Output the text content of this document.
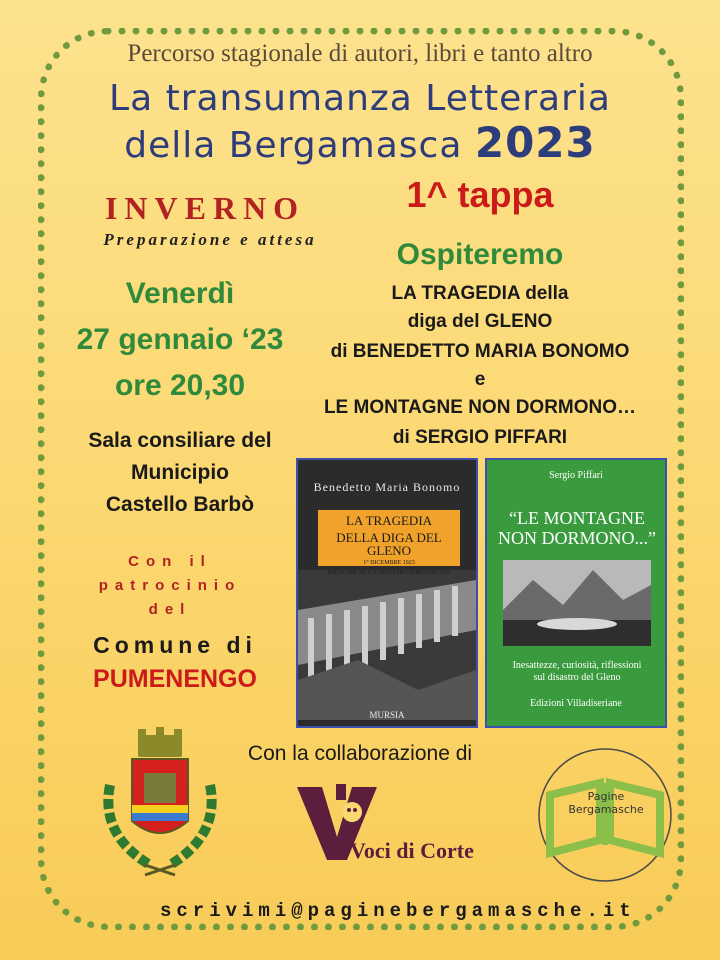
Percorso stagionale di autori, libri e tanto altro
La transumanza Letteraria
della Bergamasca 2023
INVERNO
Preparazione e attesa
1^ tappa
Ospiteremo
LA TRAGEDIA della
diga del GLENO
di BENEDETTO MARIA BONOMO
e
LE MONTAGNE NON DORMONO…
di SERGIO PIFFARI
Venerdì
27 gennaio ‘23
ore 20,30
Sala consiliare del
Municipio
Castello Barbò
Con il
patrocinio
del
Comune di
PUMENENGO
Benedetto Maria Bonomo
LA TRAGEDIA
DELLA DIGA DEL GLENO
1° DICEMBRE 1923
INDAGINE SU UN DISASTRO DIMENTICATO
MURSIA
Sergio Piffari
“LE MONTAGNE
NON DORMONO...”
Inesattezze, curiosità, riflessioni
sul disastro del Gleno
Edizioni Villadiseriane
Con la collaborazione di
Voci di Corte
Pagine
Bergamasche
scrivimi@paginebergamasche.it
